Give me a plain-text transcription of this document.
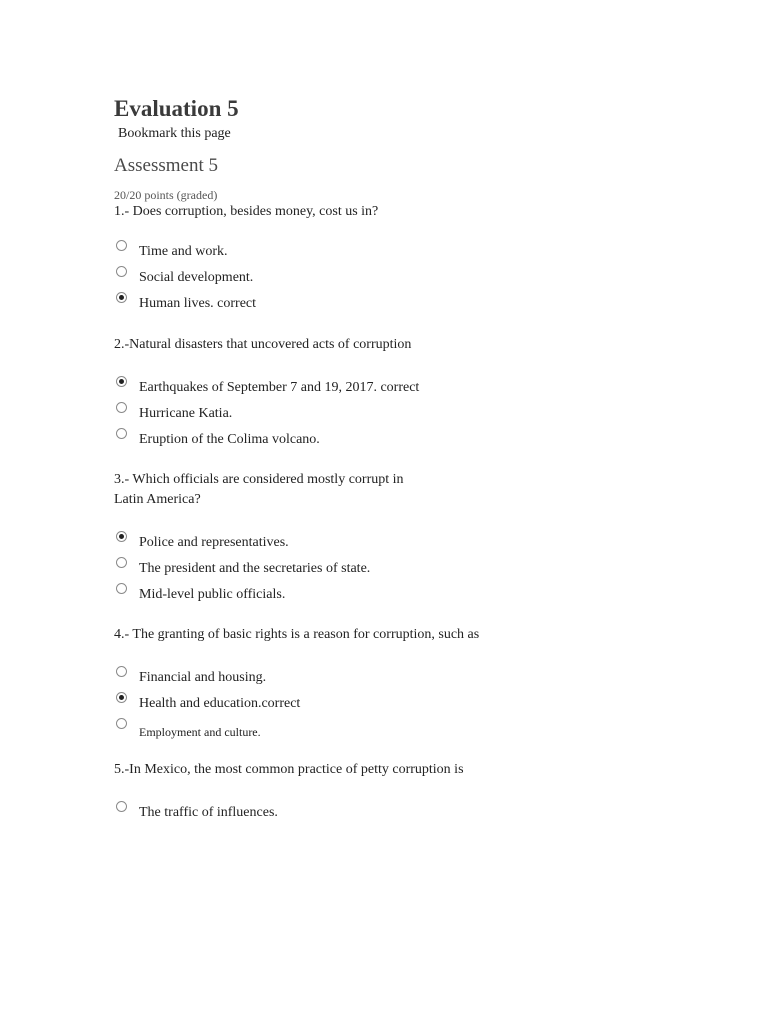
Evaluation 5
Bookmark this page
Assessment 5

20/20 points (graded)

1.- Does corruption, besides money, cost us in?

Time and work.
Social development.
Human lives. correct

2.-Natural disasters that uncovered acts of corruption

Earthquakes of September 7 and 19, 2017. correct
Hurricane Katia.
Eruption of the Colima volcano.

3.- Which officials are considered mostly corrupt in

Latin America?

Police and representatives.
The president and the secretaries of state.
Mid-level public officials.

4.- The granting of basic rights is a reason for corruption, such as

Financial and housing.
Health and education.correct
Employment and culture.

5.-In Mexico, the most common practice of petty corruption is

The traffic of influences.
